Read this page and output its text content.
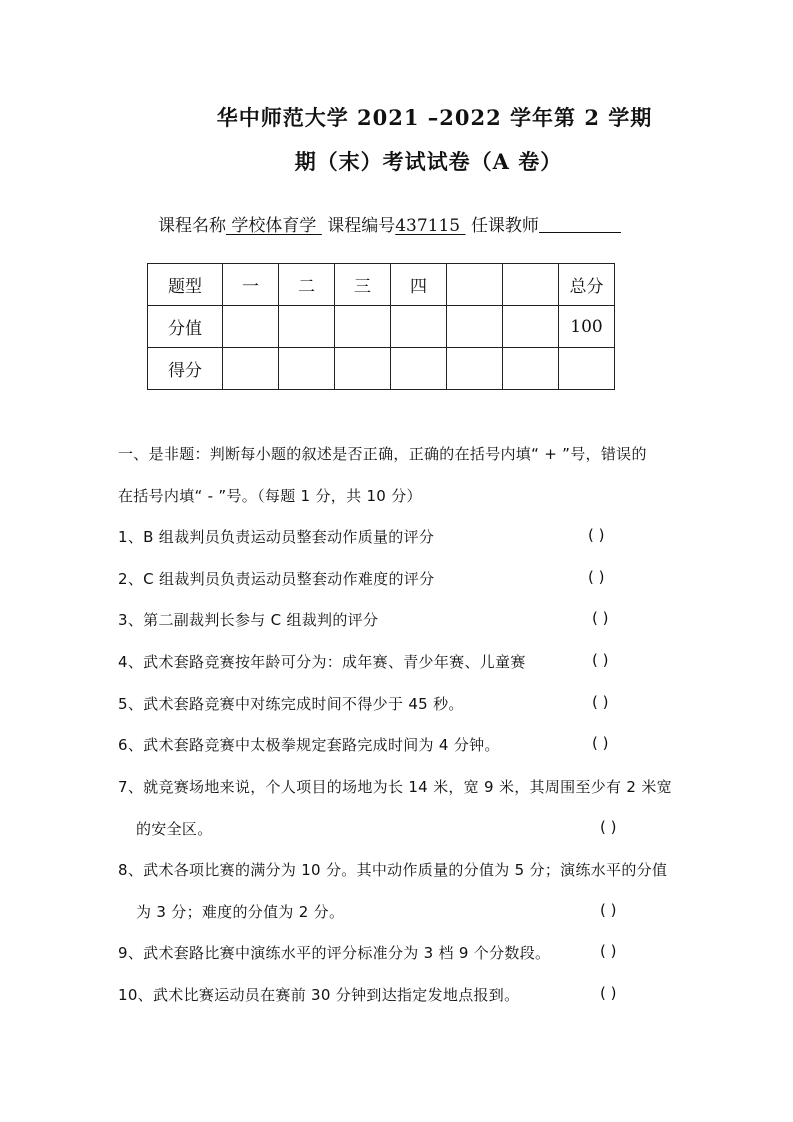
华中师范大学 2021 –2022 学年第 2 学期
期（末）考试试卷（A 卷）
课程名称 学校体育学 课程编号437115 任课教师
题型	一	二	三	四			总分
分值							100
得分							
一、是非题：判断每小题的叙述是否正确，正确的在括号内填“ + ”号，错误的
在括号内填“ - ”号。（每题 1 分，共 10 分）
1、B 组裁判员负责运动员整套动作质量的评分	( )
2、C 组裁判员负责运动员整套动作难度的评分	( )
3、第二副裁判长参与 C 组裁判的评分	( )
4、武术套路竞赛按年龄可分为：成年赛、青少年赛、儿童赛	( )
5、武术套路竞赛中对练完成时间不得少于 45 秒。	( )
6、武术套路竞赛中太极拳规定套路完成时间为 4 分钟。	( )
7、就竞赛场地来说，个人项目的场地为长 14 米，宽 9 米，其周围至少有 2 米宽
的安全区。	( )
8、武术各项比赛的满分为 10 分。其中动作质量的分值为 5 分；演练水平的分值
为 3 分；难度的分值为 2 分。	( )
9、武术套路比赛中演练水平的评分标准分为 3 档 9 个分数段。	( )
10、武术比赛运动员在赛前 30 分钟到达指定发地点报到。	( )
